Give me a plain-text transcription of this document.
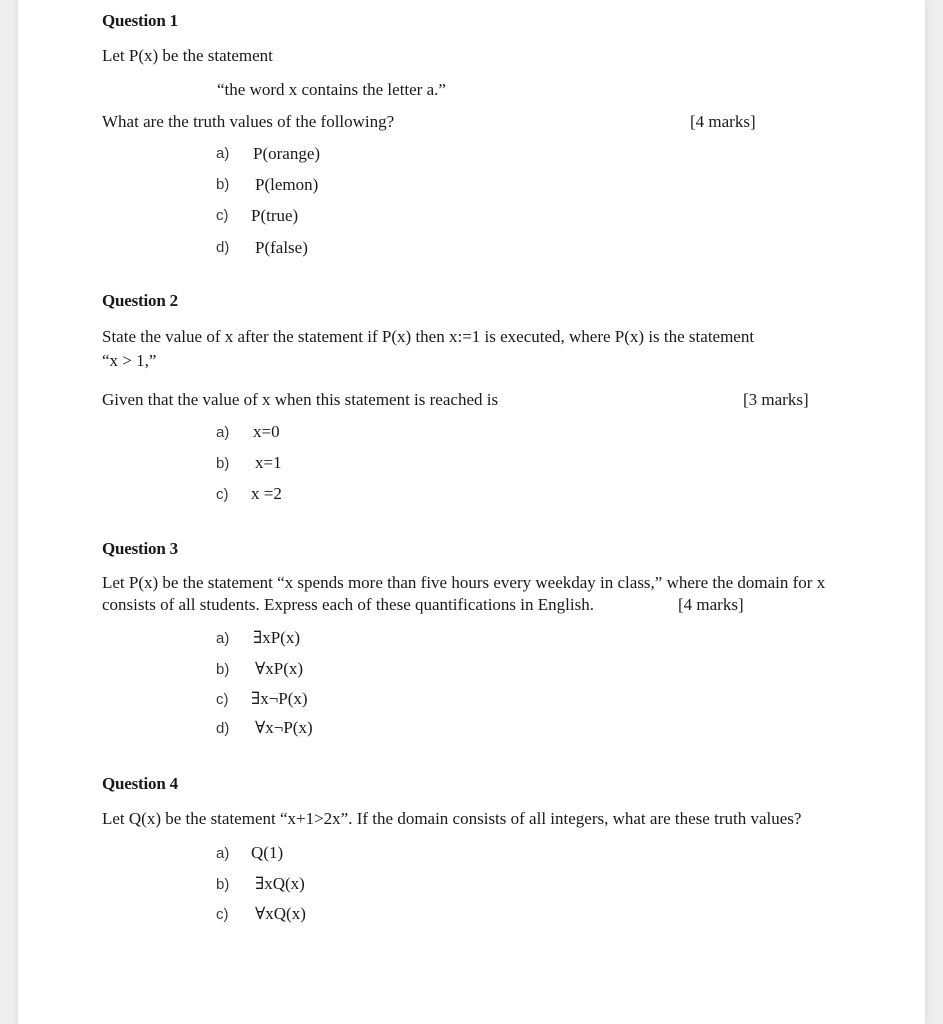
Question 1
Let P(x) be the statement
“the word x contains the letter a.”
What are the truth values of the following?	[4 marks]
a) P(orange)
b) P(lemon)
c) P(true)
d) P(false)
Question 2
State the value of x after the statement if P(x) then x:=1 is executed, where P(x) is the statement
“x > 1,”
Given that the value of x when this statement is reached is	[3 marks]
a) x=0
b) x=1
c) x =2
Question 3
Let P(x) be the statement “x spends more than five hours every weekday in class,” where the domain for x
consists of all students. Express each of these quantifications in English.	[4 marks]
a) ∃xP(x)
b) ∀xP(x)
c) ∃x¬P(x)
d) ∀x¬P(x)
Question 4
Let Q(x) be the statement “x+1>2x”. If the domain consists of all integers, what are these truth values?
a) Q(1)
b) ∃xQ(x)
c) ∀xQ(x)
